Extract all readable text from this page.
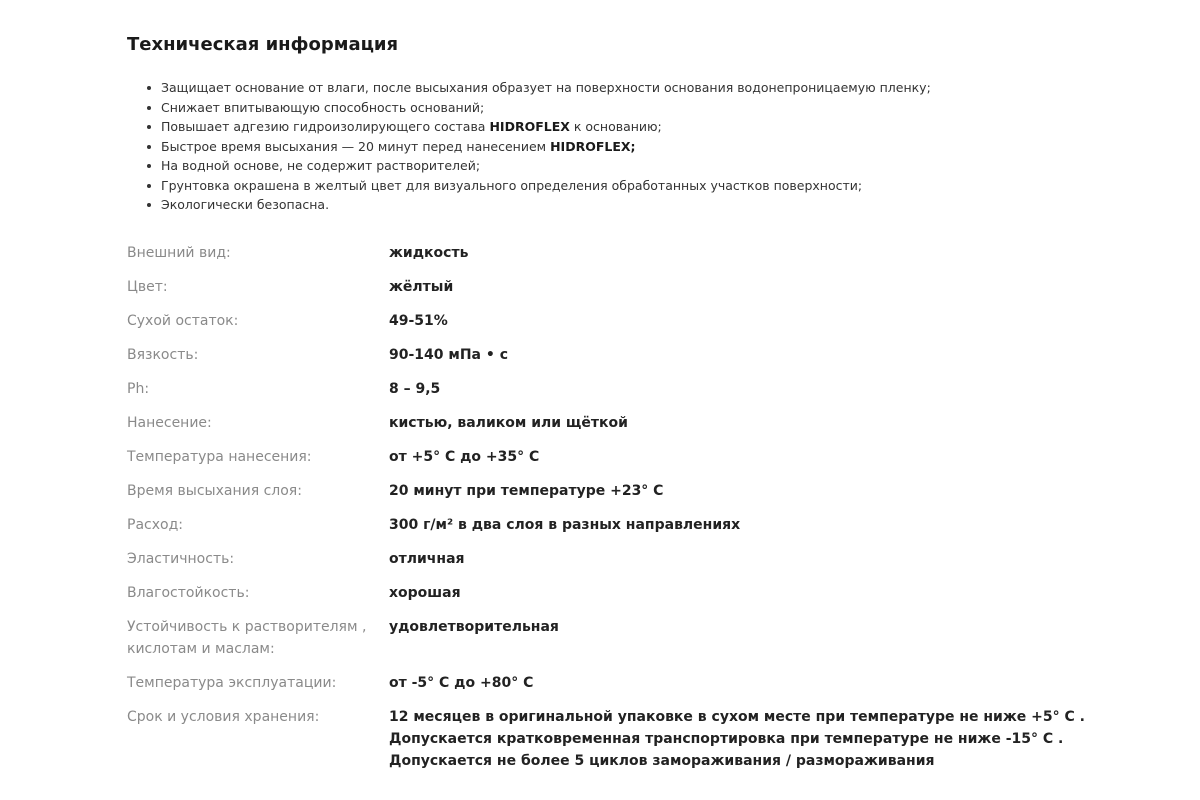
Техническая информация
Защищает основание от влаги, после высыхания образует на поверхности основания водонепроницаемую пленку;
Снижает впитывающую способность оснований;
Повышает адгезию гидроизолирующего состава HIDROFLEX к основанию;
Быстрое время высыхания — 20 минут перед нанесением HIDROFLEX;
На водной основе, не содержит растворителей;
Грунтовка окрашена в желтый цвет для визуального определения обработанных участков поверхности;
Экологически безопасна.
Внешний вид:	жидкость
Цвет:	жёлтый
Сухой остаток:	49-51%
Вязкость:	90-140 мПа • с
Ph:	8 – 9,5
Нанесение:	кистью, валиком или щёткой
Температура нанесения:	от +5° С до +35° С
Время высыхания слоя:	20 минут при температуре +23° С
Расход:	300 г/м² в два слоя в разных направлениях
Эластичность:	отличная
Влагостойкость:	хорошая
Устойчивость к растворителям , кислотам и маслам:
удовлетворительная
Температура эксплуатации:	от -5° С до +80° С
Срок и условия хранения:	12 месяцев в оригинальной упаковке в сухом месте при температуре не ниже +5° С . Допускается кратковременная транспортировка при температуре не ниже -15° С . Допускается не более 5 циклов замораживания / размораживания
